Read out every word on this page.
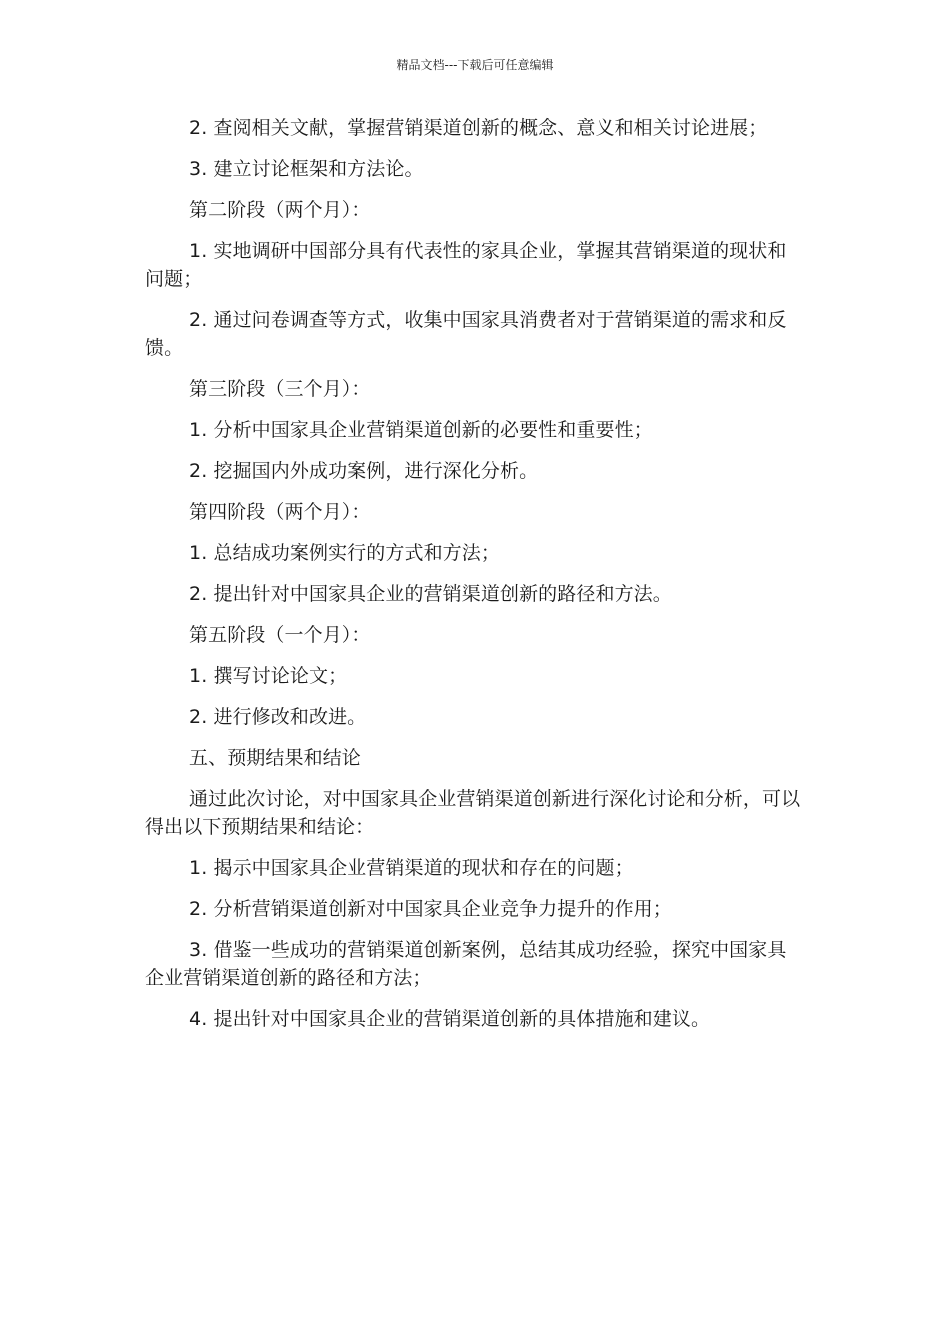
精品文档---下载后可任意编辑

2. 查阅相关文献，掌握营销渠道创新的概念、意义和相关讨论进展；

3. 建立讨论框架和方法论。

第二阶段（两个月）：

1. 实地调研中国部分具有代表性的家具企业，掌握其营销渠道的现状和问题；

2. 通过问卷调查等方式，收集中国家具消费者对于营销渠道的需求和反馈。

第三阶段（三个月）：

1. 分析中国家具企业营销渠道创新的必要性和重要性；

2. 挖掘国内外成功案例，进行深化分析。

第四阶段（两个月）：

1. 总结成功案例实行的方式和方法；

2. 提出针对中国家具企业的营销渠道创新的路径和方法。

第五阶段（一个月）：

1. 撰写讨论论文；

2. 进行修改和改进。

五、预期结果和结论

通过此次讨论，对中国家具企业营销渠道创新进行深化讨论和分析，可以得出以下预期结果和结论：

1. 揭示中国家具企业营销渠道的现状和存在的问题；

2. 分析营销渠道创新对中国家具企业竞争力提升的作用；

3. 借鉴一些成功的营销渠道创新案例，总结其成功经验，探究中国家具企业营销渠道创新的路径和方法；

4. 提出针对中国家具企业的营销渠道创新的具体措施和建议。
